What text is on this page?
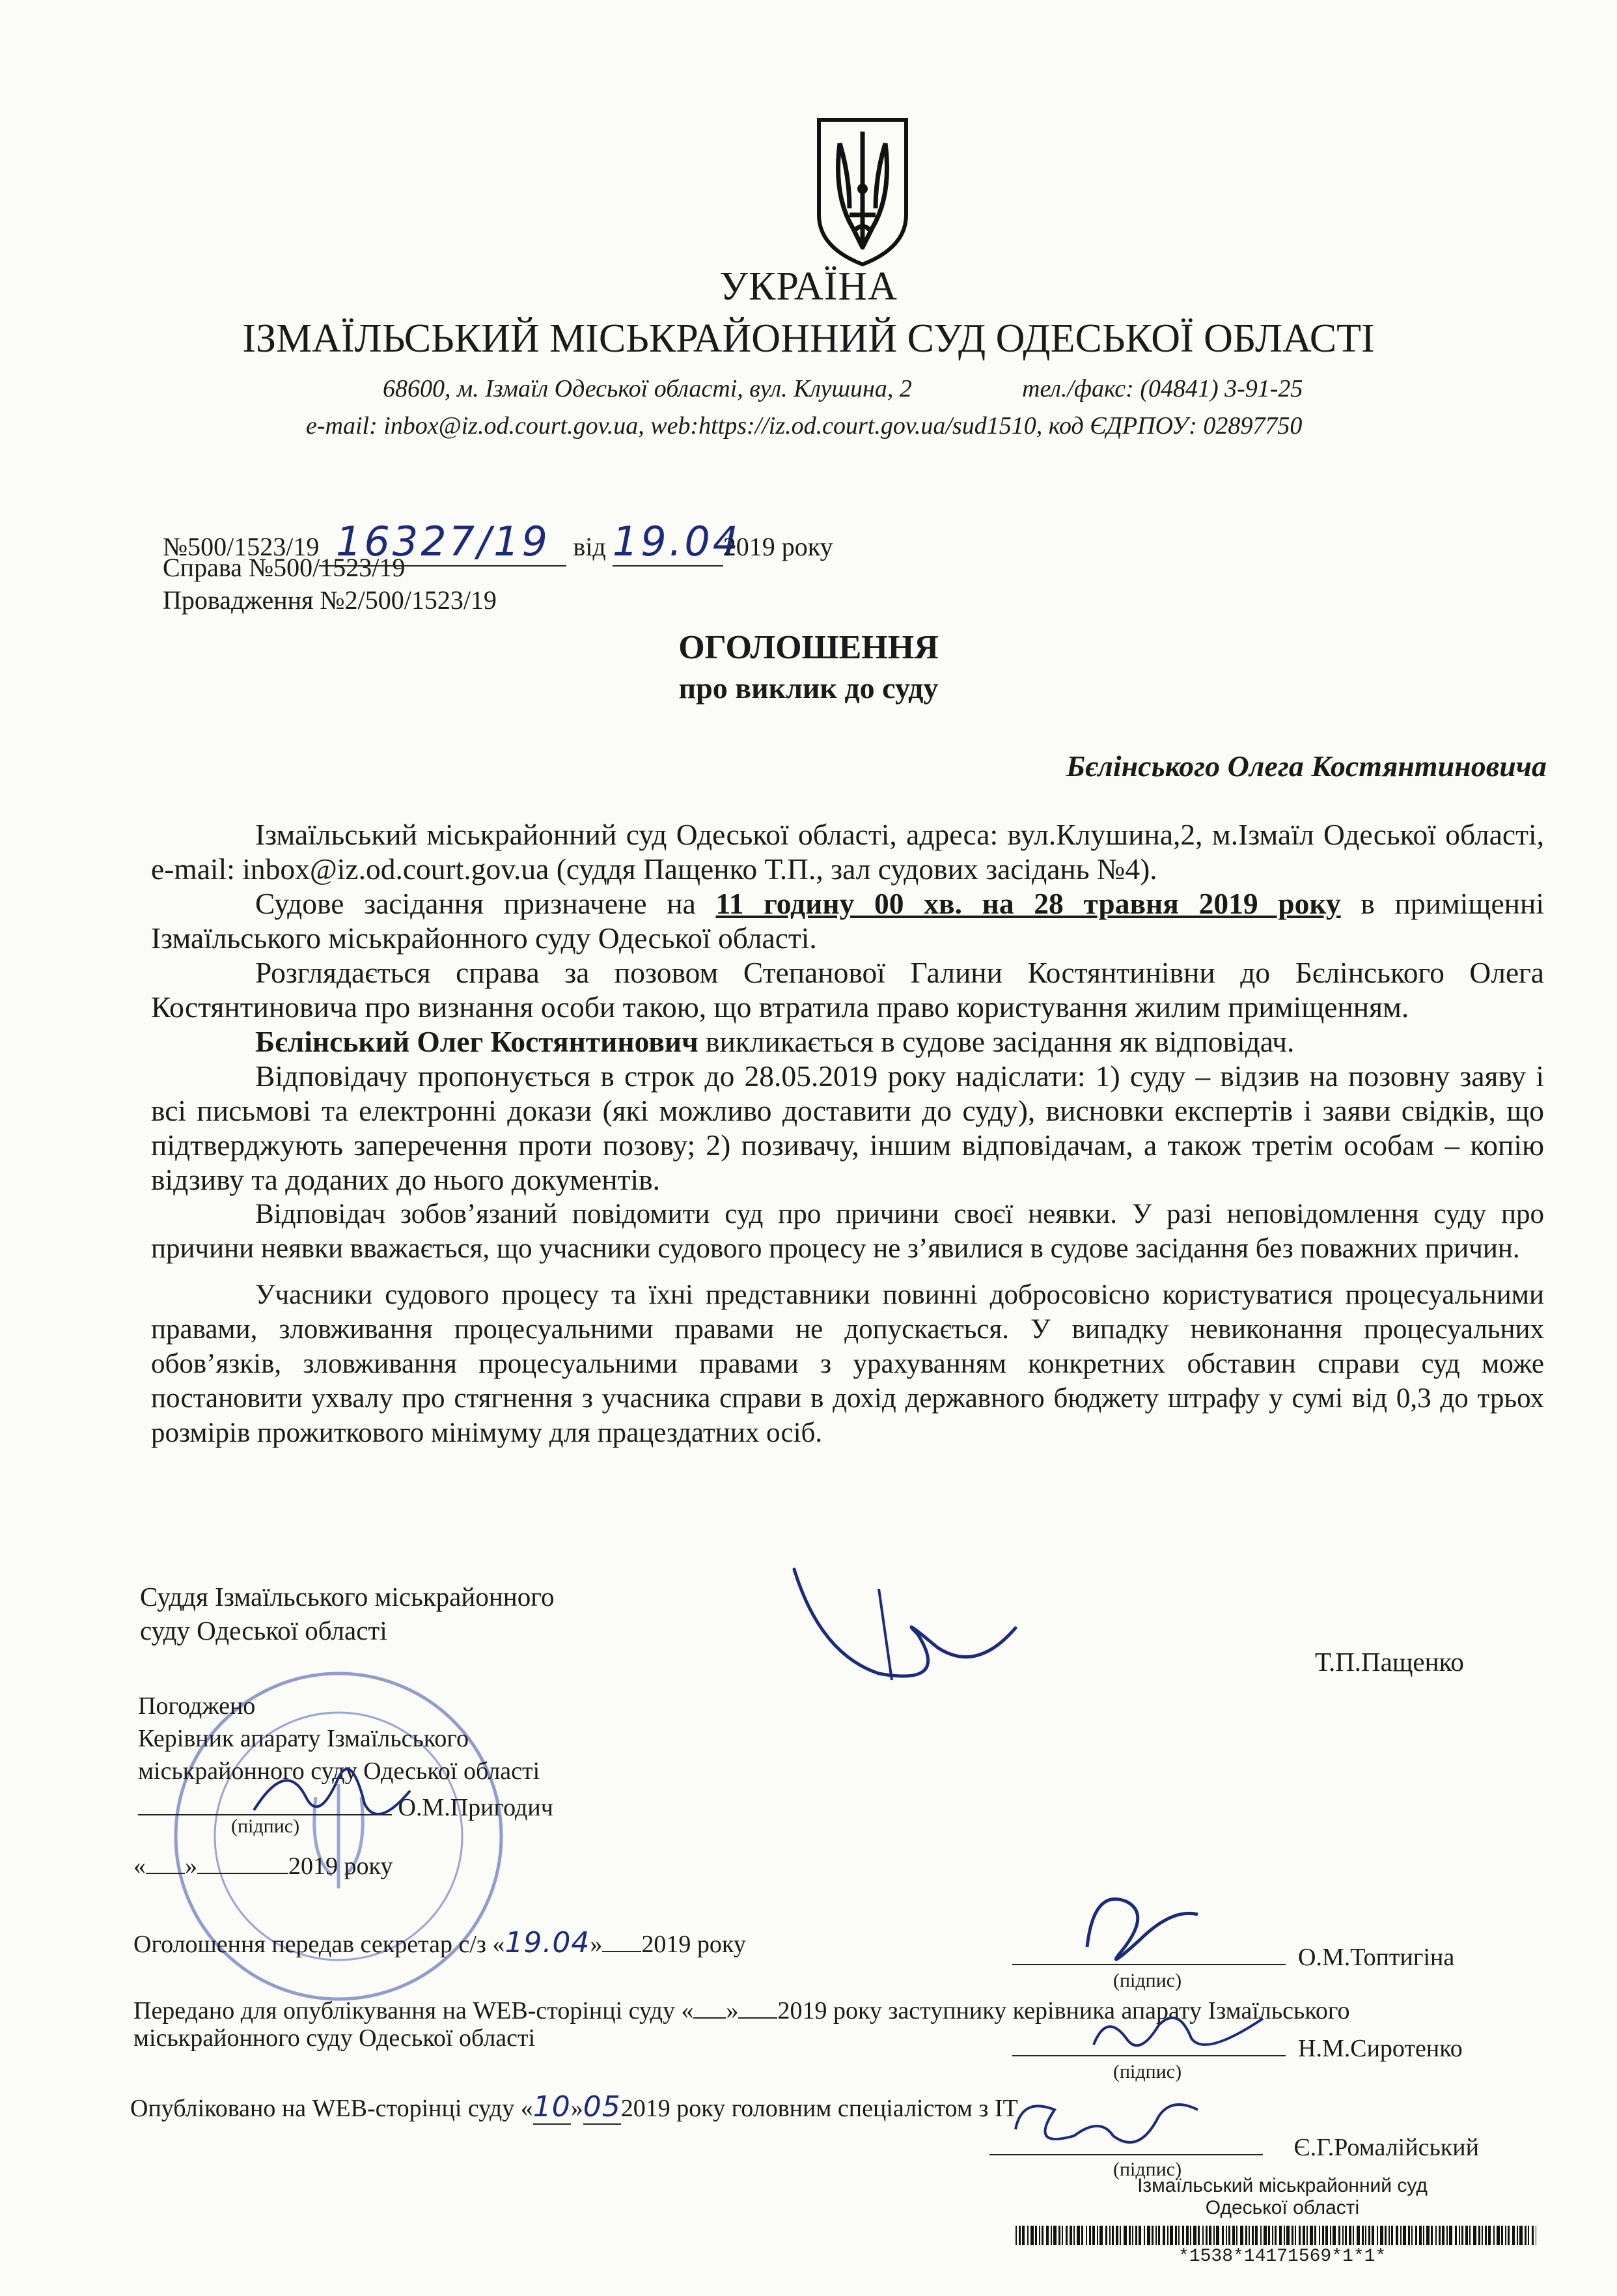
УКРАЇНА
ІЗМАЇЛЬСЬКИЙ МІСЬКРАЙОННИЙ СУД ОДЕСЬКОЇ ОБЛАСТІ
68600, м. Ізмаїл Одеської області, вул. Клушина, 2	тел./факс: (04841) 3-91-25
e-mail: inbox@iz.od.court.gov.ua, web:https://iz.od.court.gov.ua/sud1510, код ЄДРПОУ: 02897750
№500/1523/19 16327/19 від 19.042019 року
Справа №500/1523/19
Провадження №2/500/1523/19
ОГОЛОШЕННЯ
про виклик до суду
Бєлінського Олега Костянтиновича

Ізмаїльський міськрайонний суд Одеської області, адреса: вул.Клушина,2, м.Ізмаїл Одеської області, e-mail: inbox@iz.od.court.gov.ua (суддя Пащенко Т.П., зал судових засідань №4).

Судове засідання призначене на 11 годину 00 хв. на 28 травня 2019 року в приміщенні Ізмаїльського міськрайонного суду Одеської області.

Розглядається справа за позовом Степанової Галини Костянтинівни до Бєлінського Олега Костянтиновича про визнання особи такою, що втратила право користування жилим приміщенням.

Бєлінський Олег Костянтинович викликається в судове засідання як відповідач.

Відповідачу пропонується в строк до 28.05.2019 року надіслати: 1) суду – відзив на позовну заяву і всі письмові та електронні докази (які можливо доставити до суду), висновки експертів і заяви свідків, що підтверджують заперечення проти позову; 2) позивачу, іншим відповідачам, а також третім особам – копію відзиву та доданих до нього документів.

Відповідач зобов’язаний повідомити суд про причини своєї неявки. У разі неповідомлення суду про причини неявки вважається, що учасники судового процесу не з’явилися в судове засідання без поважних причин.

Учасники судового процесу та їхні представники повинні добросовісно користуватися процесуальними правами, зловживання процесуальними правами не допускається. У випадку невиконання процесуальних обов’язків, зловживання процесуальними правами з урахуванням конкретних обставин справи суд може постановити ухвалу про стягнення з учасника справи в дохід державного бюджету штрафу у сумі від 0,3 до трьох розмірів прожиткового мінімуму для працездатних осіб.

Суддя Ізмаїльського міськрайонного
суду Одеської області
Т.П.Пащенко
Погоджено
Керівник апарату Ізмаїльського
міськрайонного суду Одеської області
О.М.Пригодич
(підпис)
« »	2019 року
Оголошення передав секретар с/з «19.04» 2019 року	О.М.Топтигіна
(підпис)
Передано для опублікування на WEB-сторінці суду « » 2019 року заступнику керівника апарату Ізмаїльського
міськрайонного суду Одеської області	Н.М.Сиротенко
(підпис)
Опубліковано на WEB-сторінці суду «10»052019 року головним спеціалістом з IT
Є.Г.Ромалійський
(підпис)
Ізмаїльський міськрайонний суд
Одеської області
*1538*14171569*1*1*
